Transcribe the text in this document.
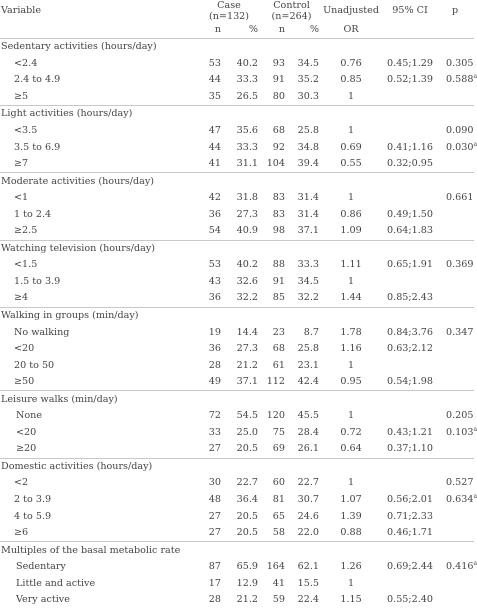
Variable	Case
(n=132)		Control
(n=264)		Unadjusted	95% CI	p
	n	%	n	%	OR		
Sedentary activities (hours/day)							
<2.4	53	40.2	93	34.5	0.76	0.45;1.29	0.305
2.4 to 4.9	44	33.3	91	35.2	0.85	0.52;1.39	0.588$^a$
≥5	35	26.5	80	30.3	1		
Light activities (hours/day)							
<3.5	47	35.6	68	25.8	1		0.090
3.5 to 6.9	44	33.3	92	34.8	0.69	0.41;1.16	0.030$^a$
≥7	41	31.1	104	39.4	0.55	0.32;0.95	
Moderate activities (hours/day)							
<1	42	31.8	83	31.4	1		0.661
1 to 2.4	36	27.3	83	31.4	0.86	0.49;1.50	
≥2.5	54	40.9	98	37.1	1.09	0.64;1.83	
Watching television (hours/day)							
<1.5	53	40.2	88	33.3	1.11	0.65;1.91	0.369
1.5 to 3.9	43	32.6	91	34.5	1		
≥4	36	32.2	85	32.2	1.44	0.85;2.43	
Walking in groups (min/day)							
No walking	19	14.4	23	8.7	1.78	0.84;3.76	0.347
<20	36	27.3	68	25.8	1.16	0.63;2.12	
20 to 50	28	21.2	61	23.1	1		
≥50	49	37.1	112	42.4	0.95	0.54;1.98	
Leisure walks (min/day)							
None	72	54.5	120	45.5	1		0.205
<20	33	25.0	75	28.4	0.72	0.43;1.21	0.103$^a$
≥20	27	20.5	69	26.1	0.64	0.37;1.10	
Domestic activities (hours/day)							
<2	30	22.7	60	22.7	1		0.527
2 to 3.9	48	36.4	81	30.7	1.07	0.56;2.01	0.634$^a$
4 to 5.9	27	20.5	65	24.6	1.39	0.71;2.33	
≥6	27	20.5	58	22.0	0.88	0.46;1.71	
Multiples of the basal metabolic rate							
Sedentary	87	65.9	164	62.1	1.26	0.69;2.44	0.416$^a$
Little and active	17	12.9	41	15.5	1		
Very active	28	21.2	59	22.4	1.15	0.55;2.40	
